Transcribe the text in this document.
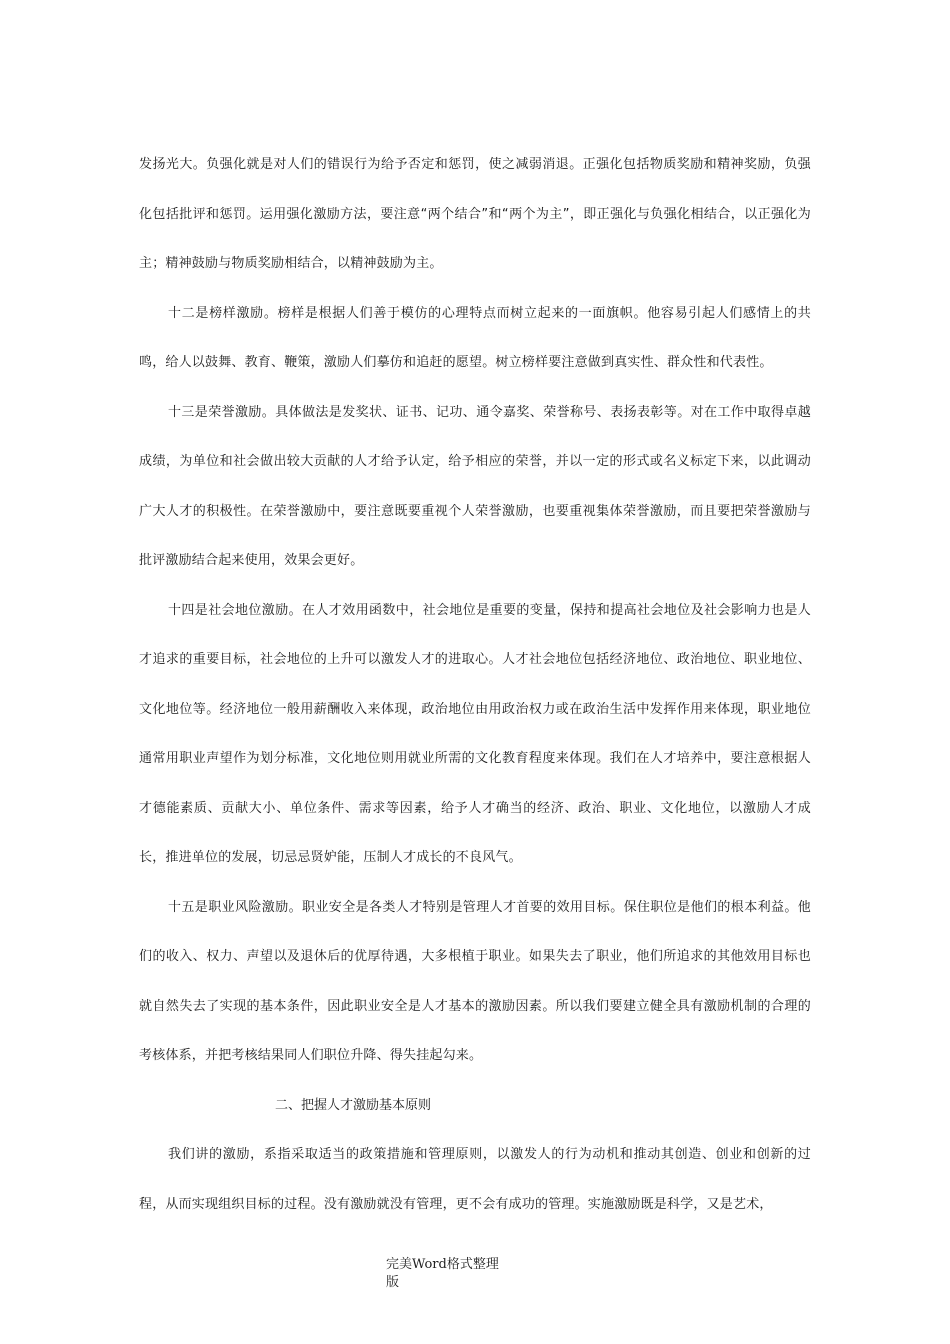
发扬光大。负强化就是对人们的错误行为给予否定和惩罚，使之减弱消退。正强化包括物质奖励和精神奖励，负强化包括批评和惩罚。运用强化激励方法，要注意“两个结合”和“两个为主”，即正强化与负强化相结合，以正强化为主；精神鼓励与物质奖励相结合，以精神鼓励为主。

十二是榜样激励。榜样是根据人们善于模仿的心理特点而树立起来的一面旗帜。他容易引起人们感情上的共鸣，给人以鼓舞、教育、鞭策，激励人们摹仿和追赶的愿望。树立榜样要注意做到真实性、群众性和代表性。

十三是荣誉激励。具体做法是发奖状、证书、记功、通令嘉奖、荣誉称号、表扬表彰等。对在工作中取得卓越成绩，为单位和社会做出较大贡献的人才给予认定，给予相应的荣誉，并以一定的形式或名义标定下来，以此调动广大人才的积极性。在荣誉激励中，要注意既要重视个人荣誉激励，也要重视集体荣誉激励，而且要把荣誉激励与批评激励结合起来使用，效果会更好。

十四是社会地位激励。在人才效用函数中，社会地位是重要的变量，保持和提高社会地位及社会影响力也是人才追求的重要目标，社会地位的上升可以激发人才的进取心。人才社会地位包括经济地位、政治地位、职业地位、文化地位等。经济地位一般用薪酬收入来体现，政治地位由用政治权力或在政治生活中发挥作用来体现，职业地位通常用职业声望作为划分标准，文化地位则用就业所需的文化教育程度来体现。我们在人才培养中，要注意根据人才德能素质、贡献大小、单位条件、需求等因素，给予人才确当的经济、政治、职业、文化地位，以激励人才成长，推进单位的发展，切忌忌贤妒能，压制人才成长的不良风气。

十五是职业风险激励。职业安全是各类人才特别是管理人才首要的效用目标。保住职位是他们的根本利益。他们的收入、权力、声望以及退休后的优厚待遇，大多根植于职业。如果失去了职业，他们所追求的其他效用目标也就自然失去了实现的基本条件，因此职业安全是人才基本的激励因素。所以我们要建立健全具有激励机制的合理的考核体系，并把考核结果同人们职位升降、得失挂起勾来。

二、把握人才激励基本原则

我们讲的激励，系指采取适当的政策措施和管理原则，以激发人的行为动机和推动其创造、创业和创新的过程，从而实现组织目标的过程。没有激励就没有管理，更不会有成功的管理。实施激励既是科学，又是艺术，

完美Word格式整理
版
